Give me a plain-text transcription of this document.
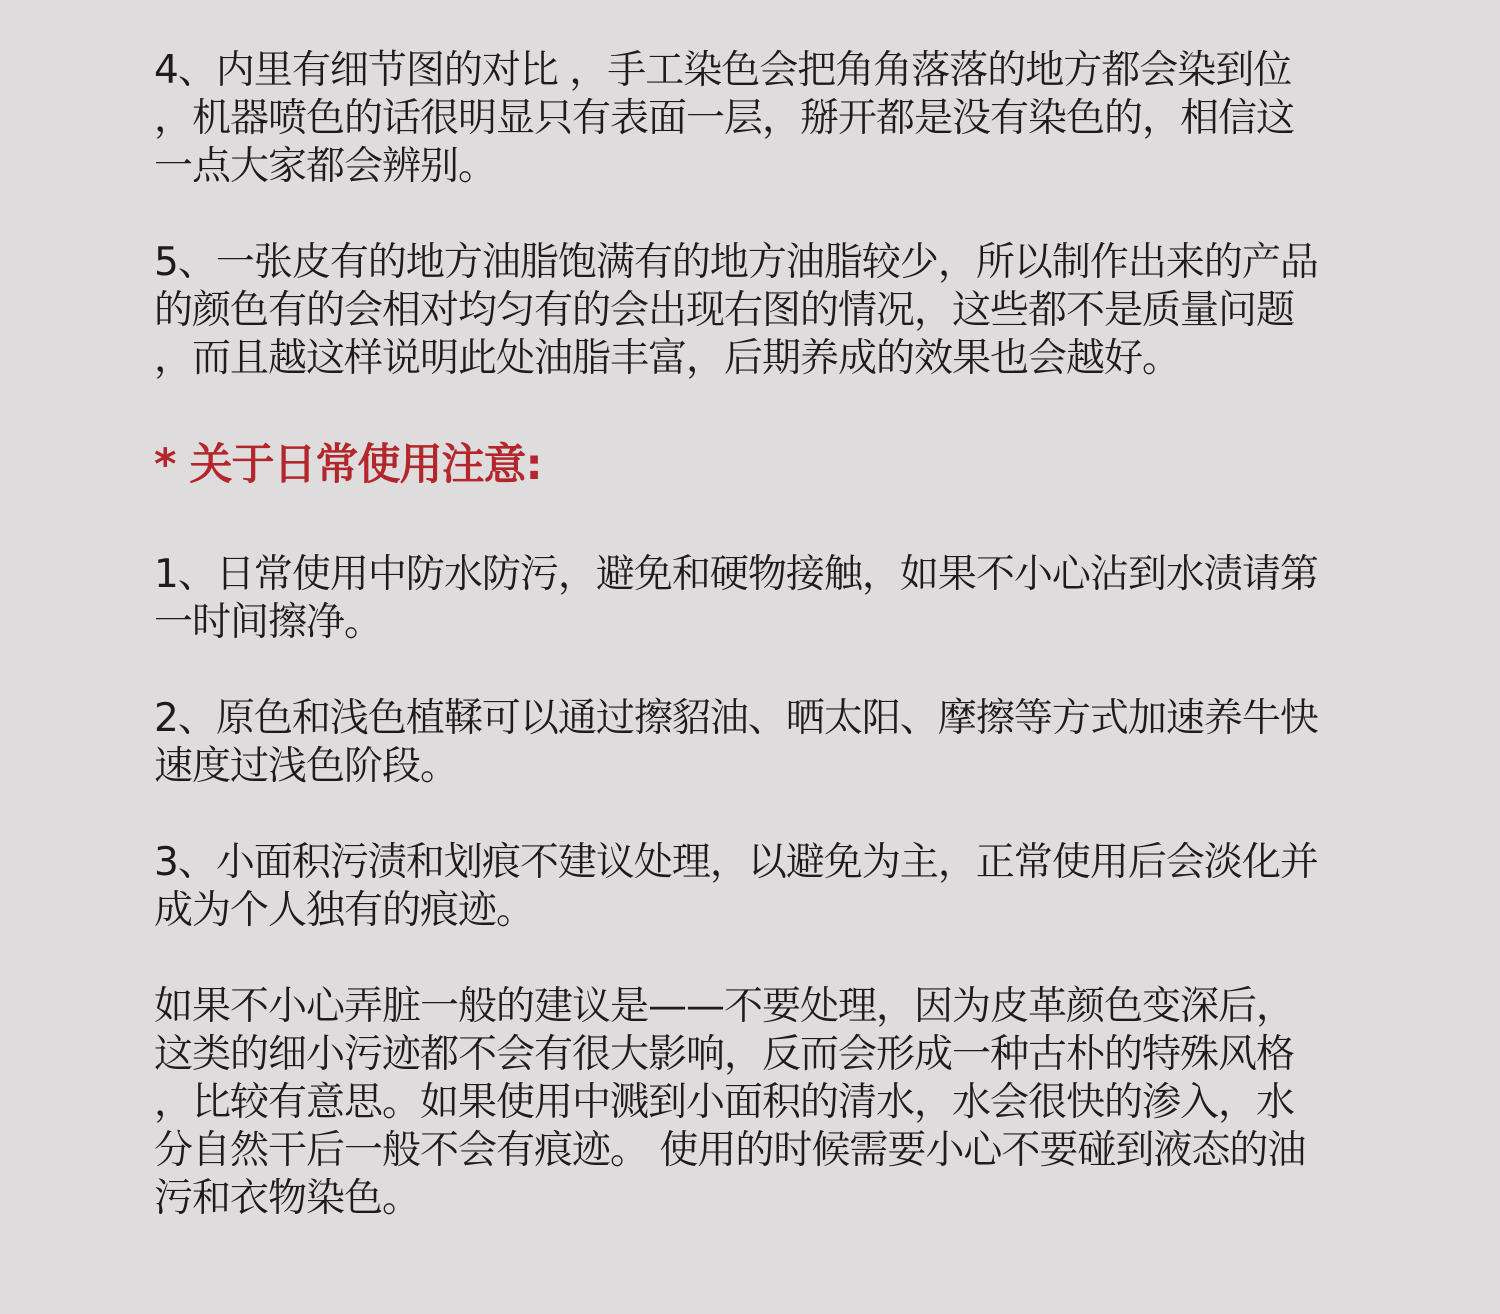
4、内里有细节图的对比 ，手工染色会把角角落落的地方都会染到位
，机器喷色的话很明显只有表面一层，掰开都是没有染色的，相信这
一点大家都会辨别。

5、一张皮有的地方油脂饱满有的地方油脂较少，所以制作出来的产品
的颜色有的会相对均匀有的会出现右图的情况，这些都不是质量问题
，而且越这样说明此处油脂丰富，后期养成的效果也会越好。

* 关于日常使用注意:

1、日常使用中防水防污，避免和硬物接触，如果不小心沾到水渍请第
一时间擦净。

2、原色和浅色植鞣可以通过擦貂油、晒太阳、摩擦等方式加速养牛快
速度过浅色阶段。

3、小面积污渍和划痕不建议处理，以避免为主，正常使用后会淡化并
成为个人独有的痕迹。

如果不小心弄脏一般的建议是——不要处理，因为皮革颜色变深后，
这类的细小污迹都不会有很大影响，反而会形成一种古朴的特殊风格
，比较有意思。如果使用中溅到小面积的清水，水会很快的渗入，水
分自然干后一般不会有痕迹。 使用的时候需要小心不要碰到液态的油
污和衣物染色。
